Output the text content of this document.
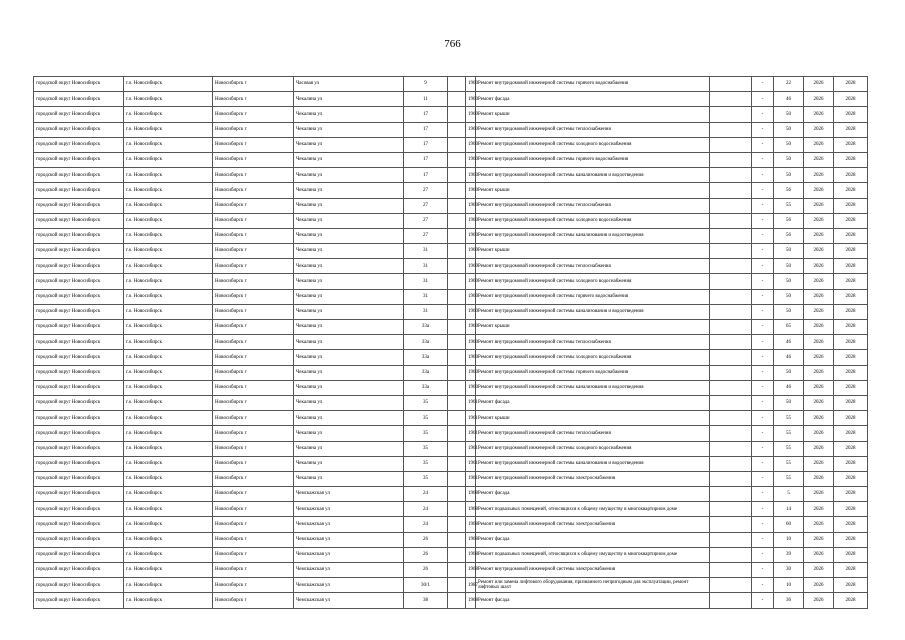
766
городской округ Новосибирск	г.о. Новосибирск	Новосибирск г	Часовая ул	9		1960	Ремонт внутридомовой инженерной системы горячего водоснабжения		-	22	2026	2028
городской округ Новосибирск	г.о. Новосибирск	Новосибирск г	Чекалина ул	11		1960	Ремонт фасада		-	46	2026	2028
городской округ Новосибирск	г.о. Новосибирск	Новосибирск г	Чекалина ул	17		1960	Ремонт крыши		-	50	2026	2028
городской округ Новосибирск	г.о. Новосибирск	Новосибирск г	Чекалина ул	17		1960	Ремонт внутридомовой инженерной системы теплоснабжения		-	50	2026	2028
городской округ Новосибирск	г.о. Новосибирск	Новосибирск г	Чекалина ул	17		1960	Ремонт внутридомовой инженерной системы холодного водоснабжения		-	50	2026	2028
городской округ Новосибирск	г.о. Новосибирск	Новосибирск г	Чекалина ул	17		1960	Ремонт внутридомовой инженерной системы горячего водоснабжения		-	50	2026	2028
городской округ Новосибирск	г.о. Новосибирск	Новосибирск г	Чекалина ул	17		1960	Ремонт внутридомовой инженерной системы канализования и водоотведения		-	50	2026	2028
городской округ Новосибирск	г.о. Новосибирск	Новосибирск г	Чекалина ул	27		1960	Ремонт крыши		-	56	2026	2028
городской округ Новосибирск	г.о. Новосибирск	Новосибирск г	Чекалина ул	27		1960	Ремонт внутридомовой инженерной системы теплоснабжения		-	55	2026	2028
городской округ Новосибирск	г.о. Новосибирск	Новосибирск г	Чекалина ул	27		1960	Ремонт внутридомовой инженерной системы холодного водоснабжения		-	56	2026	2028
городской округ Новосибирск	г.о. Новосибирск	Новосибирск г	Чекалина ул	27		1960	Ремонт внутридомовой инженерной системы канализования и водоотведения		-	56	2026	2028
городской округ Новосибирск	г.о. Новосибирск	Новосибирск г	Чекалина ул	31		1960	Ремонт крыши		-	50	2026	2028
городской округ Новосибирск	г.о. Новосибирск	Новосибирск г	Чекалина ул	31		1960	Ремонт внутридомовой инженерной системы теплоснабжения		-	50	2026	2028
городской округ Новосибирск	г.о. Новосибирск	Новосибирск г	Чекалина ул	31		1960	Ремонт внутридомовой инженерной системы холодного водоснабжения		-	50	2026	2028
городской округ Новосибирск	г.о. Новосибирск	Новосибирск г	Чекалина ул	31		1960	Ремонт внутридомовой инженерной системы горячего водоснабжения		-	50	2026	2028
городской округ Новосибирск	г.о. Новосибирск	Новосибирск г	Чекалина ул	31		1960	Ремонт внутридомовой инженерной системы канализования и водоотведения		-	50	2026	2028
городской округ Новосибирск	г.о. Новосибирск	Новосибирск г	Чекалина ул	33а		1960	Ремонт крыши		-	65	2026	2028
городской округ Новосибирск	г.о. Новосибирск	Новосибирск г	Чекалина ул	33а		1960	Ремонт внутридомовой инженерной системы теплоснабжения		-	46	2026	2028
городской округ Новосибирск	г.о. Новосибирск	Новосибирск г	Чекалина ул	33а		1960	Ремонт внутридомовой инженерной системы холодного водоснабжения		-	46	2026	2028
городской округ Новосибирск	г.о. Новосибирск	Новосибирск г	Чекалина ул	33а		1960	Ремонт внутридомовой инженерной системы горячего водоснабжения		-	50	2026	2028
городской округ Новосибирск	г.о. Новосибирск	Новосибирск г	Чекалина ул	33а		1960	Ремонт внутридомовой инженерной системы канализования и водоотведения		-	46	2026	2028
городской округ Новосибирск	г.о. Новосибирск	Новосибирск г	Чекалина ул	35		1961	Ремонт фасада		-	50	2026	2028
городской округ Новосибирск	г.о. Новосибирск	Новосибирск г	Чекалина ул	35		1961	Ремонт крыши		-	55	2026	2028
городской округ Новосибирск	г.о. Новосибирск	Новосибирск г	Чекалина ул	35		1961	Ремонт внутридомовой инженерной системы теплоснабжения		-	55	2026	2028
городской округ Новосибирск	г.о. Новосибирск	Новосибирск г	Чекалина ул	35		1961	Ремонт внутридомовой инженерной системы холодного водоснабжения		-	55	2026	2028
городской округ Новосибирск	г.о. Новосибирск	Новосибирск г	Чекалина ул	35		1961	Ремонт внутридомовой инженерной системы канализования и водоотведения		-	55	2026	2028
городской округ Новосибирск	г.о. Новосибирск	Новосибирск г	Чекалина ул	35		1961	Ремонт внутридомовой инженерной системы электроснабжения		-	55	2026	2028
городской округ Новосибирск	г.о. Новосибирск	Новосибирск г	Чемскажская ул	24		1968	Ремонт фасада		-	5	2026	2028
городской округ Новосибирск	г.о. Новосибирск	Новосибирск г	Чемскажская ул	24		1968	Ремонт подвальных помещений, относящихся к общему имуществу в многоквартирном доме		-	14	2026	2028
городской округ Новосибирск	г.о. Новосибирск	Новосибирск г	Чемскажская ул	24		1968	Ремонт внутридомовой инженерной системы электроснабжения		-	60	2026	2028
городской округ Новосибирск	г.о. Новосибирск	Новосибирск г	Чемскажская ул	26		1968	Ремонт фасада		-	10	2026	2028
городской округ Новосибирск	г.о. Новосибирск	Новосибирск г	Чемскажская ул	26		1968	Ремонт подвальных помещений, относящихся к общему имуществу в многоквартирном доме		-	39	2026	2028
городской округ Новосибирск	г.о. Новосибирск	Новосибирск г	Чемскажская ул	26		1968	Ремонт внутридомовой инженерной системы электроснабжения		-	30	2026	2028
городской округ Новосибирск	г.о. Новосибирск	Новосибирск г	Чемскажская ул	30/1		1987	Ремонт или замена лифтового оборудования, признанного непригодным для эксплуатации, ремонт лифтовых шахт		-	10	2026	2028
городской округ Новосибирск	г.о. Новосибирск	Новосибирск г	Чемскажская ул	38		1968	Ремонт фасада		-	36	2026	2028
